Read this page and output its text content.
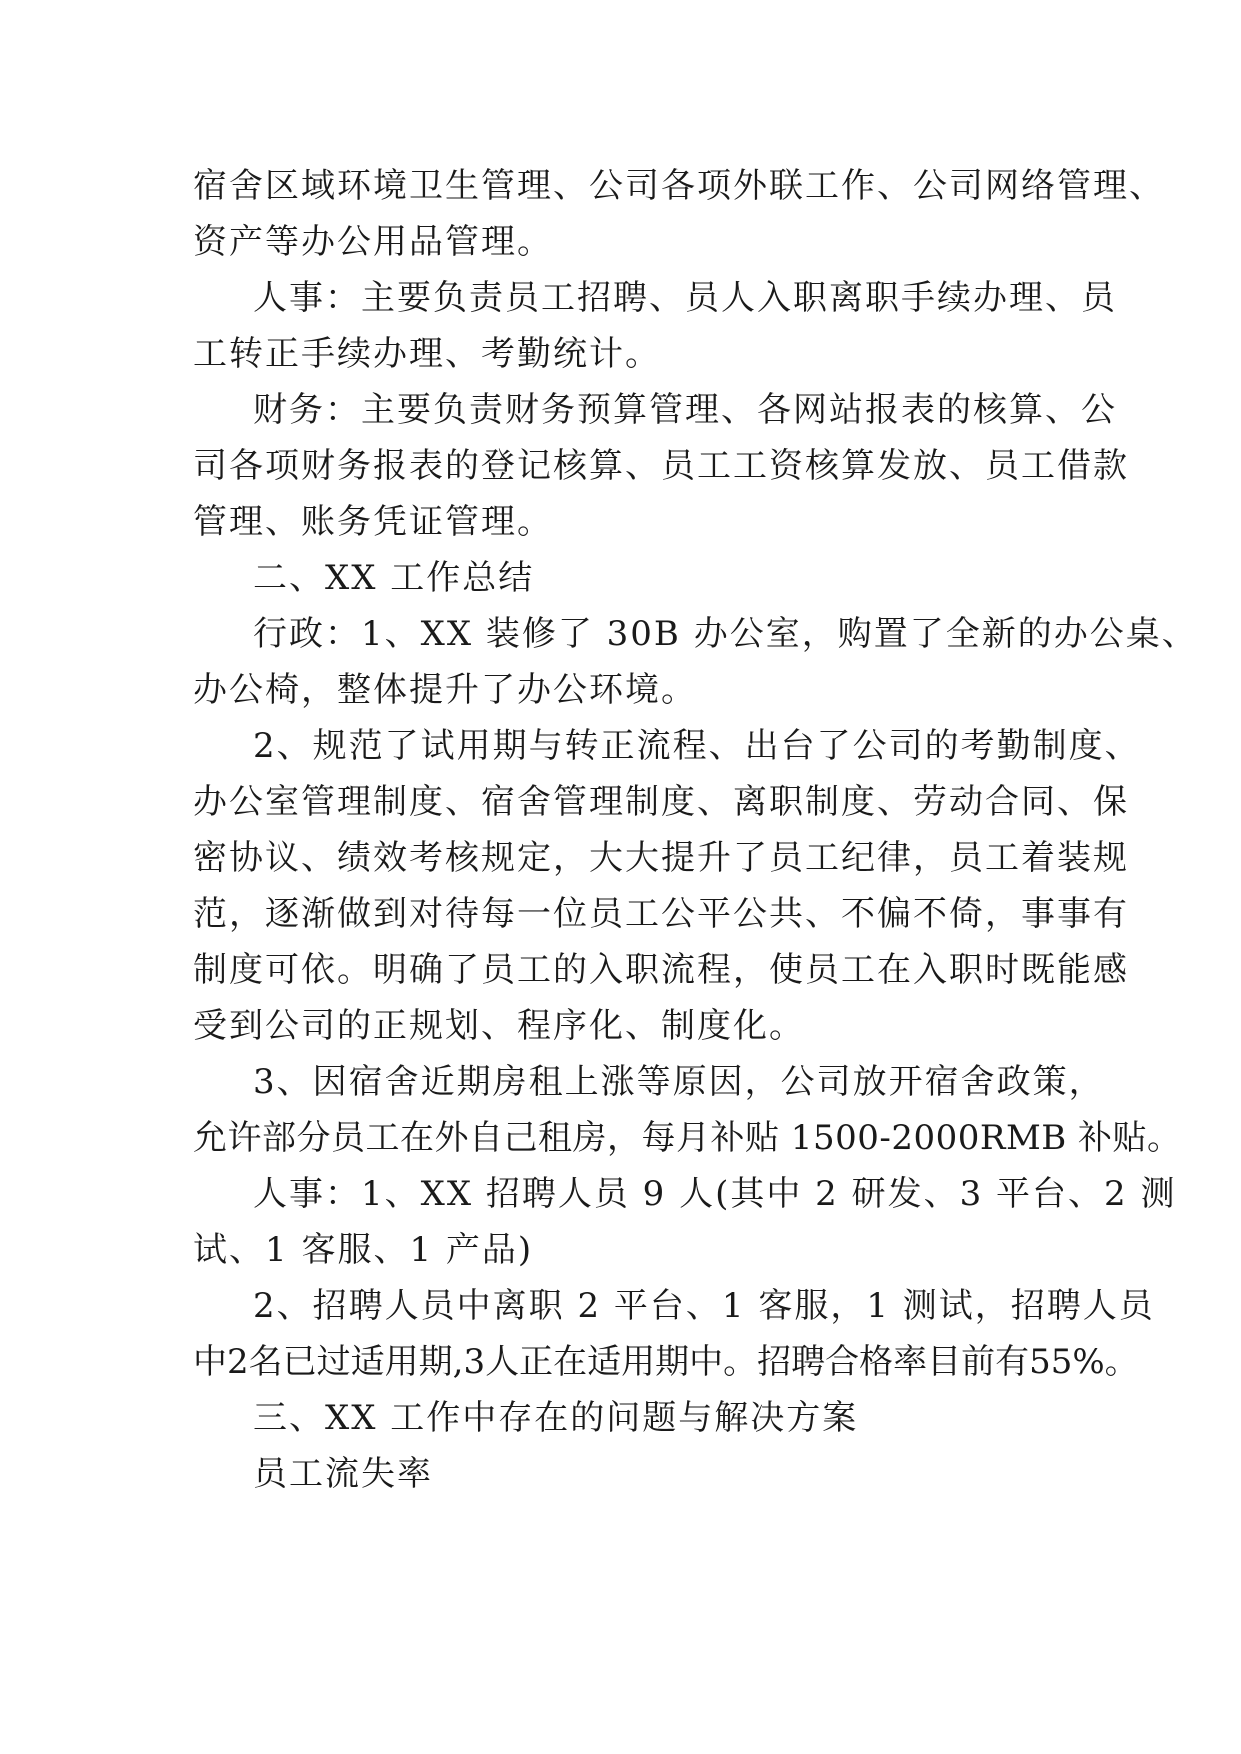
宿舍区域环境卫生管理、公司各项外联工作、公司网络管理、
资产等办公用品管理。
人事：主要负责员工招聘、员人入职离职手续办理、员
工转正手续办理、考勤统计。
财务：主要负责财务预算管理、各网站报表的核算、公
司各项财务报表的登记核算、员工工资核算发放、员工借款
管理、账务凭证管理。
二、XX 工作总结
行政：1、XX 装修了 30B 办公室，购置了全新的办公桌、
办公椅，整体提升了办公环境。
2、规范了试用期与转正流程、出台了公司的考勤制度、
办公室管理制度、宿舍管理制度、离职制度、劳动合同、保
密协议、绩效考核规定，大大提升了员工纪律，员工着装规
范，逐渐做到对待每一位员工公平公共、不偏不倚，事事有
制度可依。明确了员工的入职流程，使员工在入职时既能感
受到公司的正规划、程序化、制度化。
3、因宿舍近期房租上涨等原因，公司放开宿舍政策，
允许部分员工在外自己租房，每月补贴 1500-2000RMB 补贴。
人事：1、XX 招聘人员 9 人(其中 2 研发、3 平台、2 测
试、1 客服、1 产品)
2、招聘人员中离职 2 平台、1 客服，1 测试，招聘人员
中2名已过适用期,3人正在适用期中。招聘合格率目前有55%。
三、XX 工作中存在的问题与解决方案
员工流失率
